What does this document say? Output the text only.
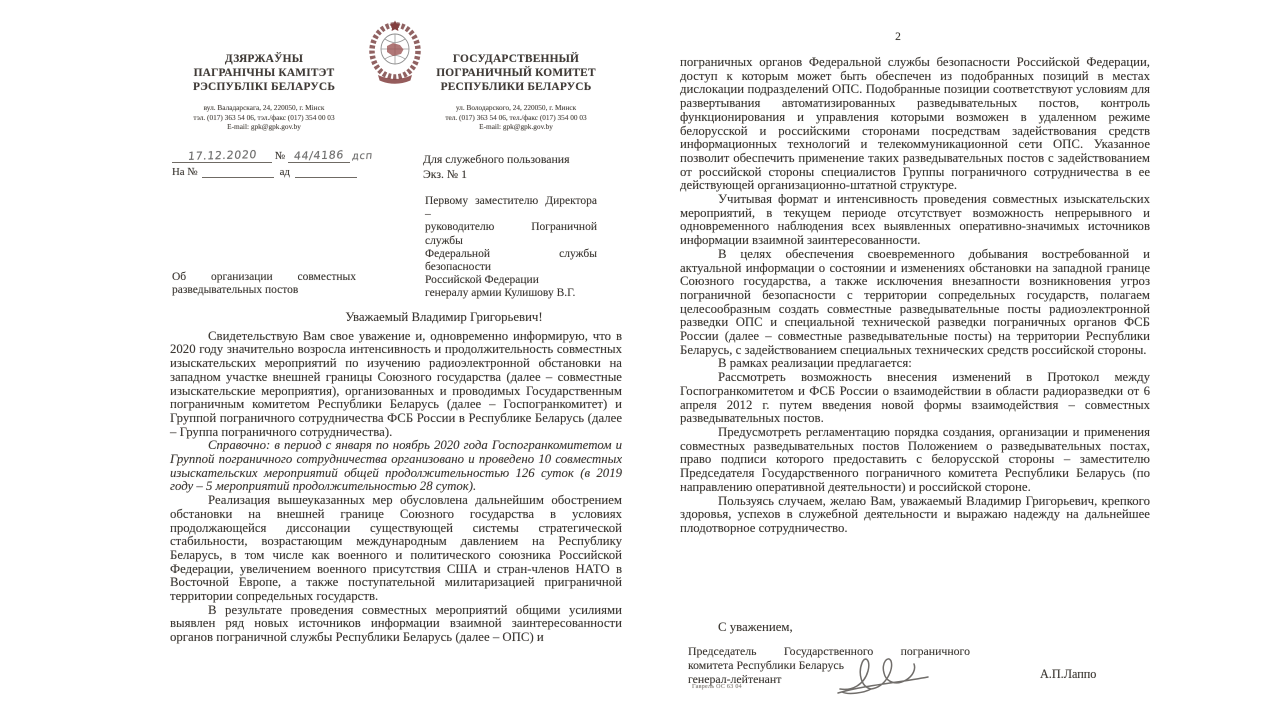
ДЗЯРЖАЎНЫ
ПАГРАНІЧНЫ КАМІТЭТ
РЭСПУБЛІКІ БЕЛАРУСЬ
вул. Валадарскага, 24, 220050, г. Мінск
тэл. (017) 363 54 06, тэл./факс (017) 354 00 03
E-mail: gpk@gpk.gov.by
ГОСУДАРСТВЕННЫЙ
ПОГРАНИЧНЫЙ КОМИТЕТ
РЕСПУБЛИКИ БЕЛАРУСЬ
ул. Володарского, 24, 220050, г. Минск
тел. (017) 363 54 06, тел./факс (017) 354 00 03
E-mail: gpk@gpk.gov.by
17.12.2020 № 44/4186 дсп
На №	ад
Для служебного пользования
Экз. № 1
Первому заместителю Директора –
руководителю Пограничной службы
Федеральной службы безопасности
Российской Федерации
генералу армии Кулишову В.Г.
Об организации совместных
разведывательных постов
Уважаемый Владимир Григорьевич!

Свидетельствую Вам свое уважение и, одновременно информирую, что в 2020 году значительно возросла интенсивность и продолжительность совместных изыскательских мероприятий по изучению радиоэлектронной обстановки на западном участке внешней границы Союзного государства (далее – совместные изыскательские мероприятия), организованных и проводимых Государственным пограничным комитетом Республики Беларусь (далее – Госпогранкомитет) и Группой пограничного сотрудничества ФСБ России в Республике Беларусь (далее – Группа пограничного сотрудничества).

Справочно: в период с января по ноябрь 2020 года Госпогранкомитетом и Группой пограничного сотрудничества организовано и проведено 10 совместных изыскательских мероприятий общей продолжительностью 126 суток (в 2019 году – 5 мероприятий продолжительностью 28 суток).

Реализация вышеуказанных мер обусловлена дальнейшим обострением обстановки на внешней границе Союзного государства в условиях продолжающейся диссонации существующей системы стратегической стабильности, возрастающим международным давлением на Республику Беларусь, в том числе как военного и политического союзника Российской Федерации, увеличением военного присутствия США и стран-членов НАТО в Восточной Европе, а также поступательной милитаризацией приграничной территории сопредельных государств.

В результате проведения совместных мероприятий общими усилиями выявлен ряд новых источников информации взаимной заинтересованности органов пограничной службы Республики Беларусь (далее – ОПС) и

2

пограничных органов Федеральной службы безопасности Российской Федерации, доступ к которым может быть обеспечен из подобранных позиций в местах дислокации подразделений ОПС. Подобранные позиции соответствуют условиям для развертывания автоматизированных разведывательных постов, контроль функционирования и управления которыми возможен в удаленном режиме белорусской и российскими сторонами посредствам задействования средств информационных технологий и телекоммуникационной сети ОПС. Указанное позволит обеспечить применение таких разведывательных постов с задействованием от российской стороны специалистов Группы пограничного сотрудничества в ее действующей организационно-штатной структуре.

Учитывая формат и интенсивность проведения совместных изыскательских мероприятий, в текущем периоде отсутствует возможность непрерывного и одновременного наблюдения всех выявленных оперативно-значимых источников информации взаимной заинтересованности.

В целях обеспечения своевременного добывания востребованной и актуальной информации о состоянии и изменениях обстановки на западной границе Союзного государства, а также исключения внезапности возникновения угроз пограничной безопасности с территории сопредельных государств, полагаем целесообразным создать совместные разведывательные посты радиоэлектронной разведки ОПС и специальной технической разведки пограничных органов ФСБ России (далее – совместные разведывательные посты) на территории Республики Беларусь, с задействованием специальных технических средств российской стороны.

В рамках реализации предлагается:

Рассмотреть возможность внесения изменений в Протокол между Госпогранкомитетом и ФСБ России о взаимодействии в области радиоразведки от 6 апреля 2012 г. путем введения новой формы взаимодействия – совместных разведывательных постов.

Предусмотреть регламентацию порядка создания, организации и применения совместных разведывательных постов Положением о разведывательных постах, право подписи которого предоставить с белорусской стороны – заместителю Председателя Государственного пограничного комитета Республики Беларусь (по направлению оперативной деятельности) и российской стороне.

Пользуясь случаем, желаю Вам, уважаемый Владимир Григорьевич, крепкого здоровья, успехов в служебной деятельности и выражаю надежду на дальнейшее плодотворное сотрудничество.

С уважением,
Председатель Государственного пограничного
комитета Республики Беларусь
генерал-лейтенант	А.П.Лаппо
Гаврель ОС 63 04
